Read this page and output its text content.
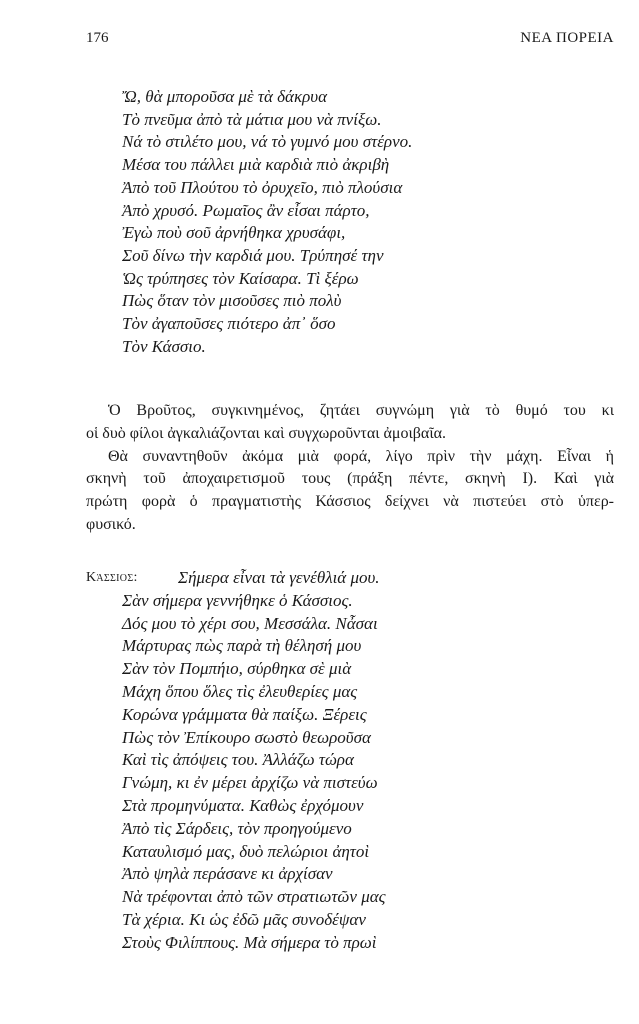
176	ΝΕΑ ΠΟΡΕΙΑ
Ὤ, θὰ μποροῦσα μὲ τὰ δάκρυα
Τὸ πνεῦμα ἀπὸ τὰ μάτια μου νὰ πνίξω.
Νά τὸ στιλέτο μου, νά τὸ γυμνό μου στέρνο.
Μέσα του πάλλει μιὰ καρδιὰ πιὸ ἀκριβὴ
Ἀπὸ τοῦ Πλούτου τὸ ὀρυχεῖο, πιὸ πλούσια
Ἀπὸ χρυσό. Ρωμαῖος ἂν εἶσαι πάρτο,
Ἐγὼ ποὺ σοῦ ἀρνήθηκα χρυσάφι,
Σοῦ δίνω τὴν καρδιά μου. Τρύπησέ την
Ὡς τρύπησες τὸν Καίσαρα. Τὶ ξέρω
Πὼς ὅταν τὸν μισοῦσες πιὸ πολὺ
Τὸν ἀγαποῦσες πιότερο ἀπ᾿ ὅσο
Τὸν Κάσσιο.
Ὁ Βροῦτος, συγκινημένος, ζητάει συγνώμη γιὰ τὸ θυμό του κι
οἱ δυὸ φίλοι ἀγκαλιάζονται καὶ συγχωροῦνται ἀμοιβαῖα.
Θὰ συναντηθοῦν ἀκόμα μιὰ φορά, λίγο πρὶν τὴν μάχη. Εἶναι ἡ
σκηνὴ τοῦ ἀποχαιρετισμοῦ τους (πράξη πέντε, σκηνὴ Ι). Καὶ γιὰ
πρώτη φορὰ ὁ πραγματιστὴς Κάσσιος δείχνει νὰ πιστεύει στὸ ὑπερ-
φυσικό.
Κάσσιος:	Σήμερα εἶναι τὰ γενέθλιά μου.
Σὰν σήμερα γεννήθηκε ὁ Κάσσιος.
Δός μου τὸ χέρι σου, Μεσσάλα. Νἆσαι
Μάρτυρας πὼς παρὰ τὴ θέλησή μου
Σὰν τὸν Πομπήιο, σύρθηκα σὲ μιὰ
Μάχη ὅπου ὅλες τὶς ἐλευθερίες μας
Κορώνα γράμματα θὰ παίξω. Ξέρεις
Πὼς τὸν Ἐπίκουρο σωστὸ θεωροῦσα
Καὶ τὶς ἀπόψεις του. Ἀλλάζω τώρα
Γνώμη, κι ἐν μέρει ἀρχίζω νὰ πιστεύω
Στὰ προμηνύματα. Καθὼς ἐρχόμουν
Ἀπὸ τὶς Σάρδεις, τὸν προηγούμενο
Καταυλισμό μας, δυὸ πελώριοι ἀητοὶ
Ἀπὸ ψηλὰ περάσανε κι ἀρχίσαν
Νὰ τρέφονται ἀπὸ τῶν στρατιωτῶν μας
Τὰ χέρια. Κι ὡς ἐδῶ μᾶς συνοδέψαν
Στοὺς Φιλίππους. Μὰ σήμερα τὸ πρωὶ
